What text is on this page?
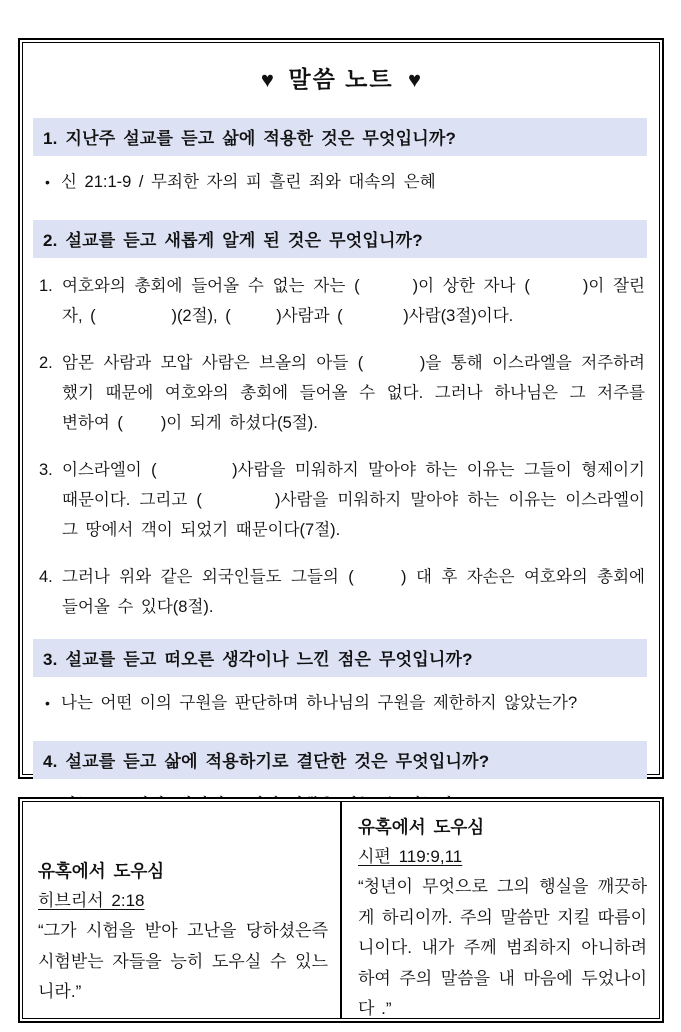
♥ 말씀 노트 ♥
1. 지난주 설교를 듣고 삶에 적용한 것은 무엇입니까?
• 신 21:1-9 / 무죄한 자의 피 흘린 죄와 대속의 은혜
2. 설교를 듣고 새롭게 알게 된 것은 무엇입니까?
1. 여호와의 총회에 들어올 수 없는 자는 (      )이 상한 자나 (      )이 잘린 자, (          )(2절), (      )사람과 (        )사람(3절)이다.
2. 암몬 사람과 모압 사람은 브올의 아들 (      )을 통해 이스라엘을 저주하려 했기 때문에 여호와의 총회에 들어올 수 없다. 그러나 하나님은 그 저주를 변하여 (     )이 되게 하셨다(5절).
3. 이스라엘이 (        )사람을 미워하지 말아야 하는 이유는 그들이 형제이기 때문이다. 그리고 (        )사람을 미워하지 말아야 하는 이유는 이스라엘이 그 땅에서 객이 되었기 때문이다(7절).
4. 그러나 위와 같은 외국인들도 그들의 (     ) 대 후 자손은 여호와의 총회에 들어올 수 있다(8절).
3. 설교를 듣고 떠오른 생각이나 느낀 점은 무엇입니까?
• 나는 어떤 이의 구원을 판단하며 하나님의 구원을 제한하지 않았는가?
4. 설교를 듣고 삶에 적용하기로 결단한 것은 무엇입니까?
유혹에서 도우심
히브리서 2:18
“그가 시험을 받아 고난을 당하셨은즉 시험받는 자들을 능히 도우실 수 있느니라.”
유혹에서 도우심
시편 119:9,11
“청년이 무엇으로 그의 행실을 깨끗하게 하리이까. 주의 말씀만 지킬 따름이니이다. 내가 주께 범죄하지 아니하려 하여 주의 말씀을 내 마음에 두었나이다 .”
